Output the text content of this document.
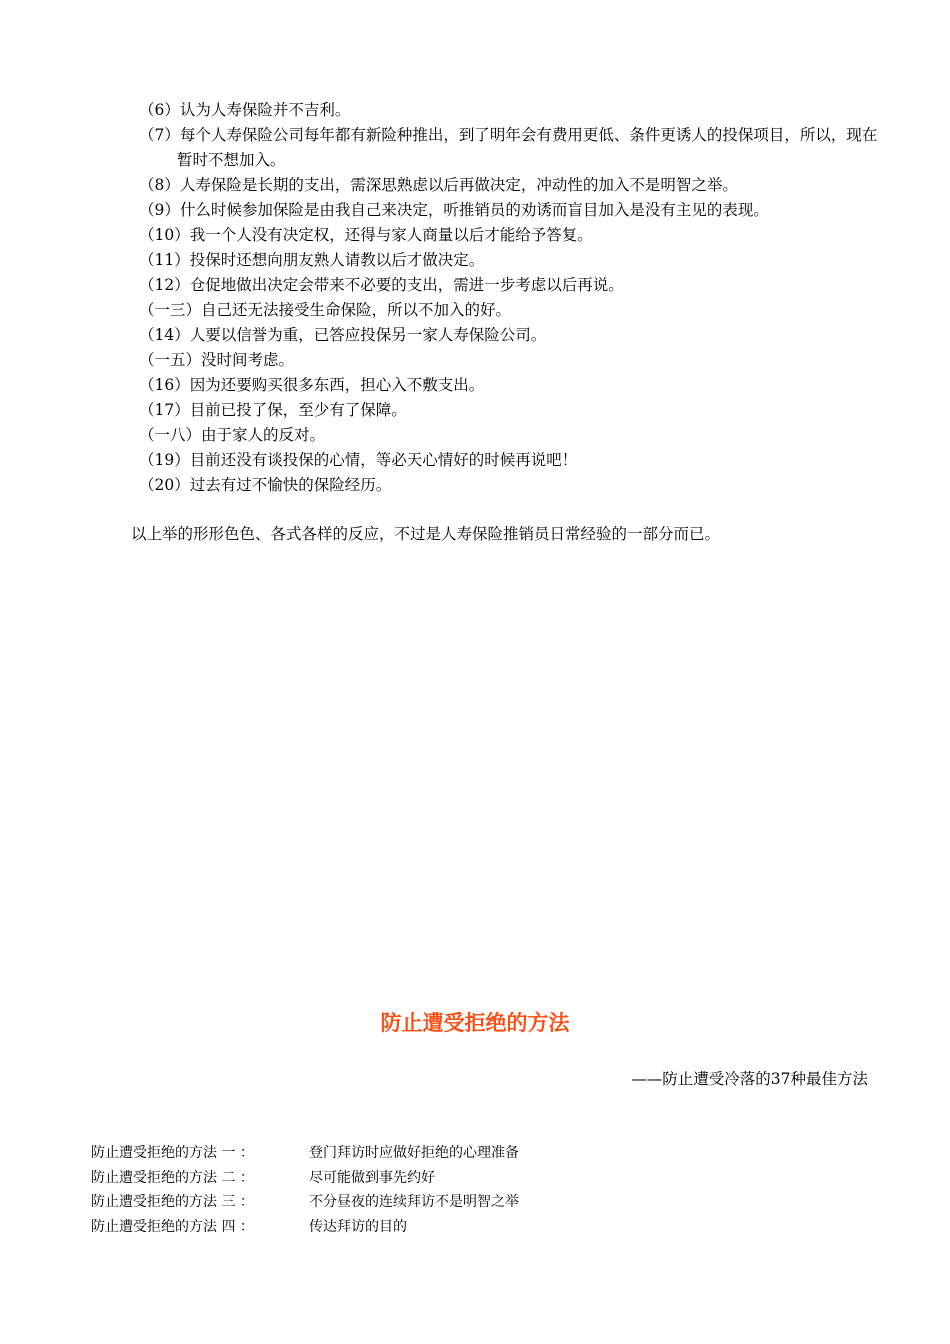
（6）认为人寿保险并不吉利。
（7）每个人寿保险公司每年都有新险种推出，到了明年会有费用更低、条件更诱人的投保项目，所以，现在暂时不想加入。
（8）人寿保险是长期的支出，需深思熟虑以后再做决定，冲动性的加入不是明智之举。
（9）什么时候参加保险是由我自己来决定，听推销员的劝诱而盲目加入是没有主见的表现。
（10）我一个人没有决定权，还得与家人商量以后才能给予答复。
（11）投保时还想向朋友熟人请教以后才做决定。
（12）仓促地做出决定会带来不必要的支出，需进一步考虑以后再说。
（一三）自己还无法接受生命保险，所以不加入的好。
（14）人要以信誉为重，已答应投保另一家人寿保险公司。
（一五）没时间考虑。
（16）因为还要购买很多东西，担心入不敷支出。
（17）目前已投了保，至少有了保障。
（一八）由于家人的反对。
（19）目前还没有谈投保的心情，等必天心情好的时候再说吧！
（20）过去有过不愉快的保险经历。

以上举的形形色色、各式各样的反应，不过是人寿保险推销员日常经验的一部分而已。

防止遭受拒绝的方法

——防止遭受冷落的37种最佳方法

防止遭受拒绝的方法 一 ：	登门拜访时应做好拒绝的心理准备
防止遭受拒绝的方法 二 ：	尽可能做到事先约好
防止遭受拒绝的方法 三 ：	不分昼夜的连续拜访不是明智之举
防止遭受拒绝的方法 四 ：	传达拜访的目的
